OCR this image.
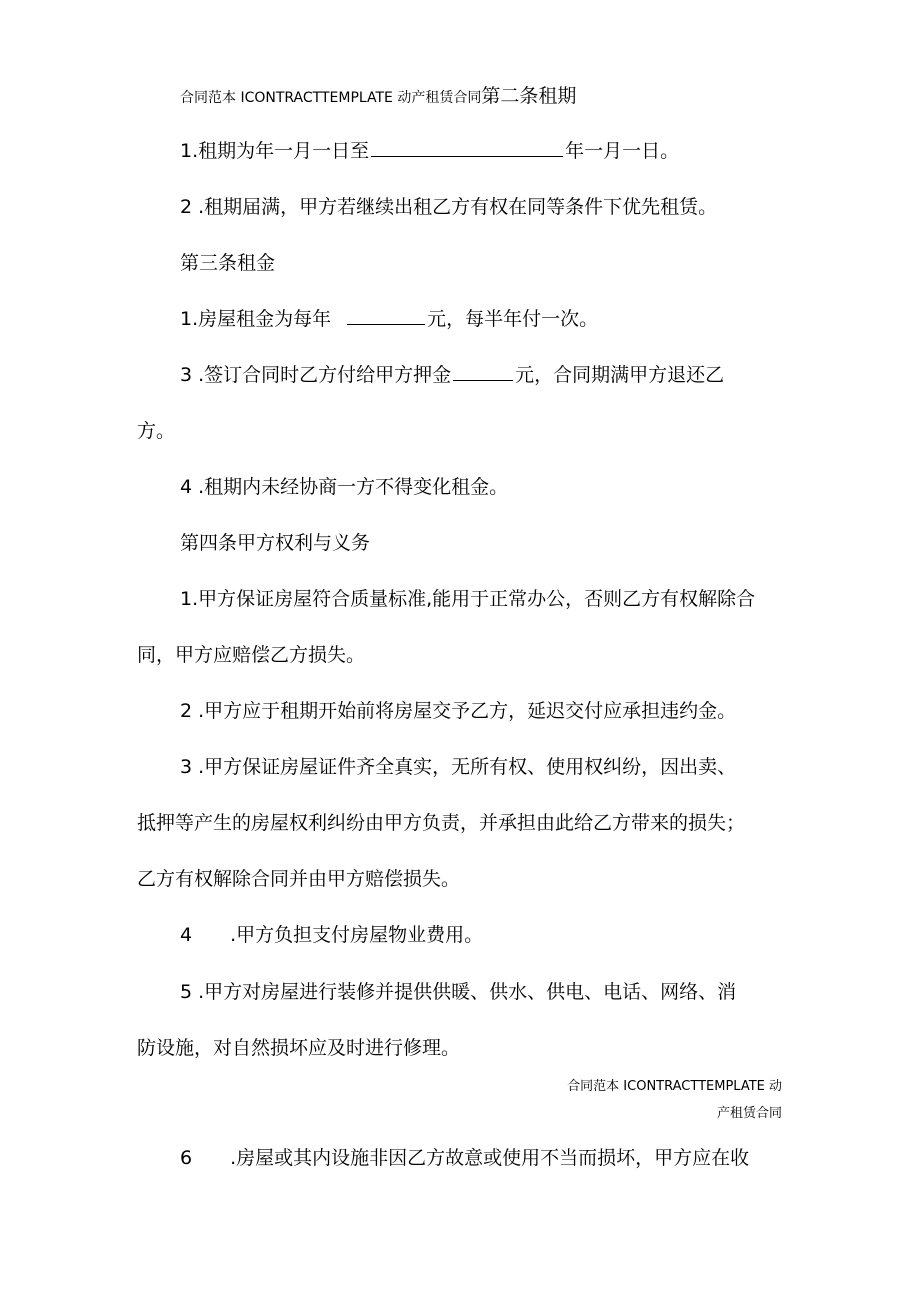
合同范本 ICONTRACTTEMPLATE 动产租赁合同第二条租期
1.租期为年一月一日至	年一月一日。
2 .租期届满，甲方若继续出租乙方有权在同等条件下优先租赁。
第三条租金
1.房屋租金为每年	元，每半年付一次。
3 .签订合同时乙方付给甲方押金	元，合同期满甲方退还乙
方。
4 .租期内未经协商一方不得变化租金。
第四条甲方权利与义务
1.甲方保证房屋符合质量标准,能用于正常办公，否则乙方有权解除合
同，甲方应赔偿乙方损失。
2 .甲方应于租期开始前将房屋交予乙方，延迟交付应承担违约金。
3 .甲方保证房屋证件齐全真实，无所有权、使用权纠纷，因出卖、
抵押等产生的房屋权利纠纷由甲方负责，并承担由此给乙方带来的损失；
乙方有权解除合同并由甲方赔偿损失。
4 .甲方负担支付房屋物业费用。
5 .甲方对房屋进行装修并提供供暖、供水、供电、电话、网络、消
防设施，对自然损坏应及时进行修理。
合同范本 ICONTRACTTEMPLATE 动
产租赁合同
6 .房屋或其内设施非因乙方故意或使用不当而损坏，甲方应在收
